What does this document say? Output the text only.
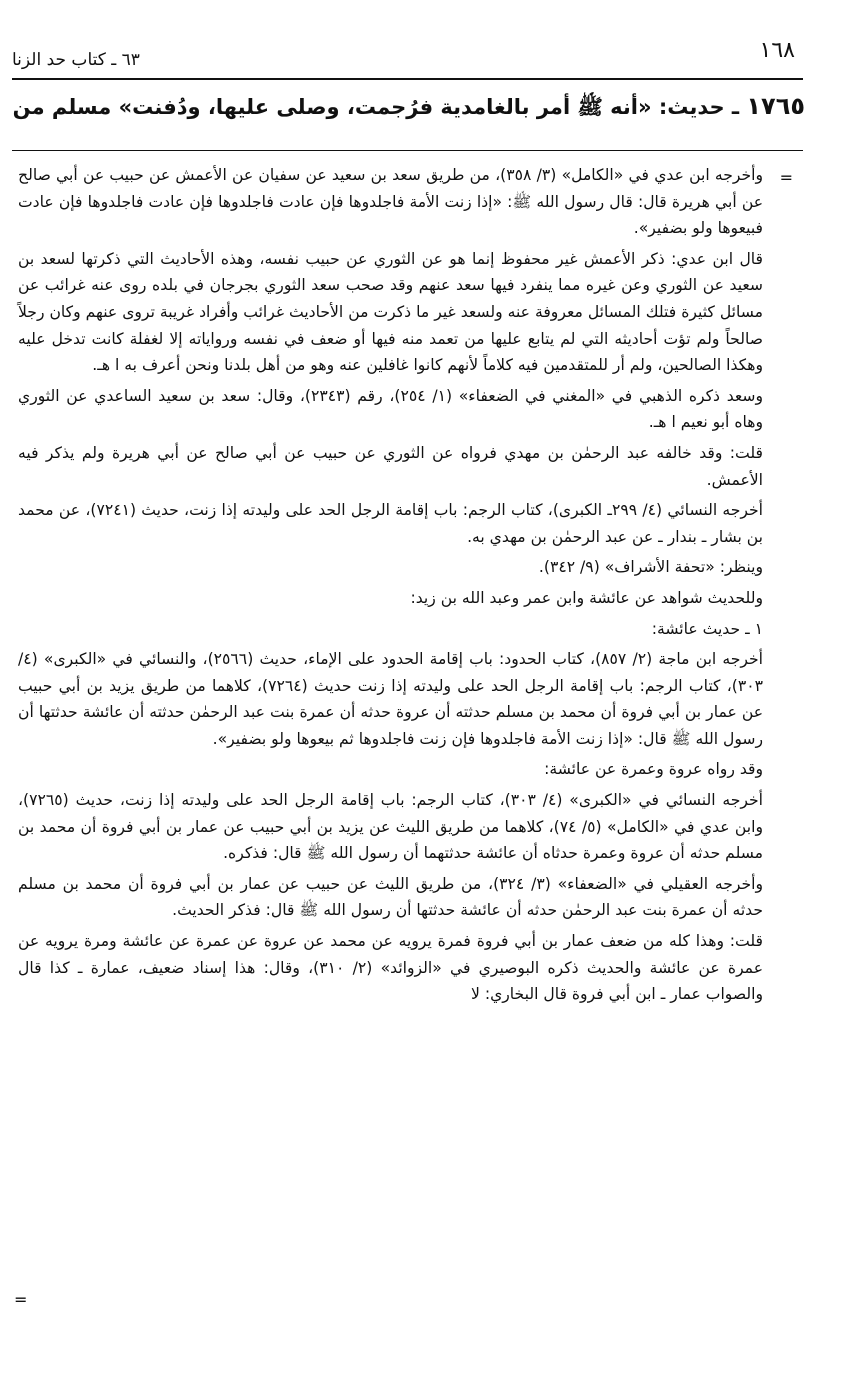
١٦٨
٦٣ ـ كتاب حد الزنا
١٧٦٥ ـ حديث: «أنه ﷺ أمر بالغامدية فرُجمت، وصلى عليها، ودُفنت» مسلم من
=

وأخرجه ابن عدي في «الكامل» (٣/ ٣٥٨)، من طريق سعد بن سعيد عن سفيان عن الأعمش عن حبيب عن أبي صالح عن أبي هريرة قال: قال رسول الله ﷺ: «إذا زنت الأمة فاجلدوها فإن عادت فاجلدوها فإن عادت فاجلدوها فإن عادت فبيعوها ولو بضفير».

قال ابن عدي: ذكر الأعمش غير محفوظ إنما هو عن الثوري عن حبيب نفسه، وهذه الأحاديث التي ذكرتها لسعد بن سعيد عن الثوري وعن غيره مما ينفرد فيها سعد عنهم وقد صحب سعد الثوري بجرجان في بلده روى عنه غرائب عن مسائل كثيرة فتلك المسائل معروفة عنه ولسعد غير ما ذكرت من الأحاديث غرائب وأفراد غريبة تروى عنهم وكان رجلاً صالحاً ولم تؤت أحاديثه التي لم يتابع عليها من تعمد منه فيها أو ضعف في نفسه ورواياته إلا لغفلة كانت تدخل عليه وهكذا الصالحين، ولم أر للمتقدمين فيه كلاماً لأنهم كانوا غافلين عنه وهو من أهل بلدنا ونحن أعرف به ا هـ.

وسعد ذكره الذهبي في «المغني في الضعفاء» (١/ ٢٥٤)، رقم (٢٣٤٣)، وقال: سعد بن سعيد الساعدي عن الثوري وهاه أبو نعيم ا هـ.

قلت: وقد خالفه عبد الرحمٰن بن مهدي فرواه عن الثوري عن حبيب عن أبي صالح عن أبي هريرة ولم يذكر فيه الأعمش.

أخرجه النسائي (٤/ ٢٩٩ـ الكبرى)، كتاب الرجم: باب إقامة الرجل الحد على وليدته إذا زنت، حديث (٧٢٤١)، عن محمد بن بشار ـ بندار ـ عن عبد الرحمٰن بن مهدي به.

وينظر: «تحفة الأشراف» (٩/ ٣٤٢).

وللحديث شواهد عن عائشة وابن عمر وعبد الله بن زيد:

١ ـ حديث عائشة:

أخرجه ابن ماجة (٢/ ٨٥٧)، كتاب الحدود: باب إقامة الحدود على الإماء، حديث (٢٥٦٦)، والنسائي في «الكبرى» (٤/ ٣٠٣)، كتاب الرجم: باب إقامة الرجل الحد على وليدته إذا زنت حديث (٧٢٦٤)، كلاهما من طريق يزيد بن أبي حبيب عن عمار بن أبي فروة أن محمد بن مسلم حدثته أن عروة حدثه أن عمرة بنت عبد الرحمٰن حدثته أن عائشة حدثتها أن رسول الله ﷺ قال: «إذا زنت الأمة فاجلدوها فإن زنت فاجلدوها ثم بيعوها ولو بضفير».

وقد رواه عروة وعمرة عن عائشة:

أخرجه النسائي في «الكبرى» (٤/ ٣٠٣)، كتاب الرجم: باب إقامة الرجل الحد على وليدته إذا زنت، حديث (٧٢٦٥)، وابن عدي في «الكامل» (٥/ ٧٤)، كلاهما من طريق الليث عن يزيد بن أبي حبيب عن عمار بن أبي فروة أن محمد بن مسلم حدثه أن عروة وعمرة حدثاه أن عائشة حدثتهما أن رسول الله ﷺ قال: فذكره.

وأخرجه العقيلي في «الضعفاء» (٣/ ٣٢٤)، من طريق الليث عن حبيب عن عمار بن أبي فروة أن محمد بن مسلم حدثه أن عمرة بنت عبد الرحمٰن حدثه أن عائشة حدثتها أن رسول الله ﷺ قال: فذكر الحديث.

قلت: وهذا كله من ضعف عمار بن أبي فروة فمرة يرويه عن محمد عن عروة عن عمرة عن عائشة ومرة يرويه عن عمرة عن عائشة والحديث ذكره البوصيري في «الزوائد» (٢/ ٣١٠)، وقال: هذا إسناد ضعيف، عمارة ـ كذا قال والصواب عمار ـ ابن أبي فروة قال البخاري: لا

=
